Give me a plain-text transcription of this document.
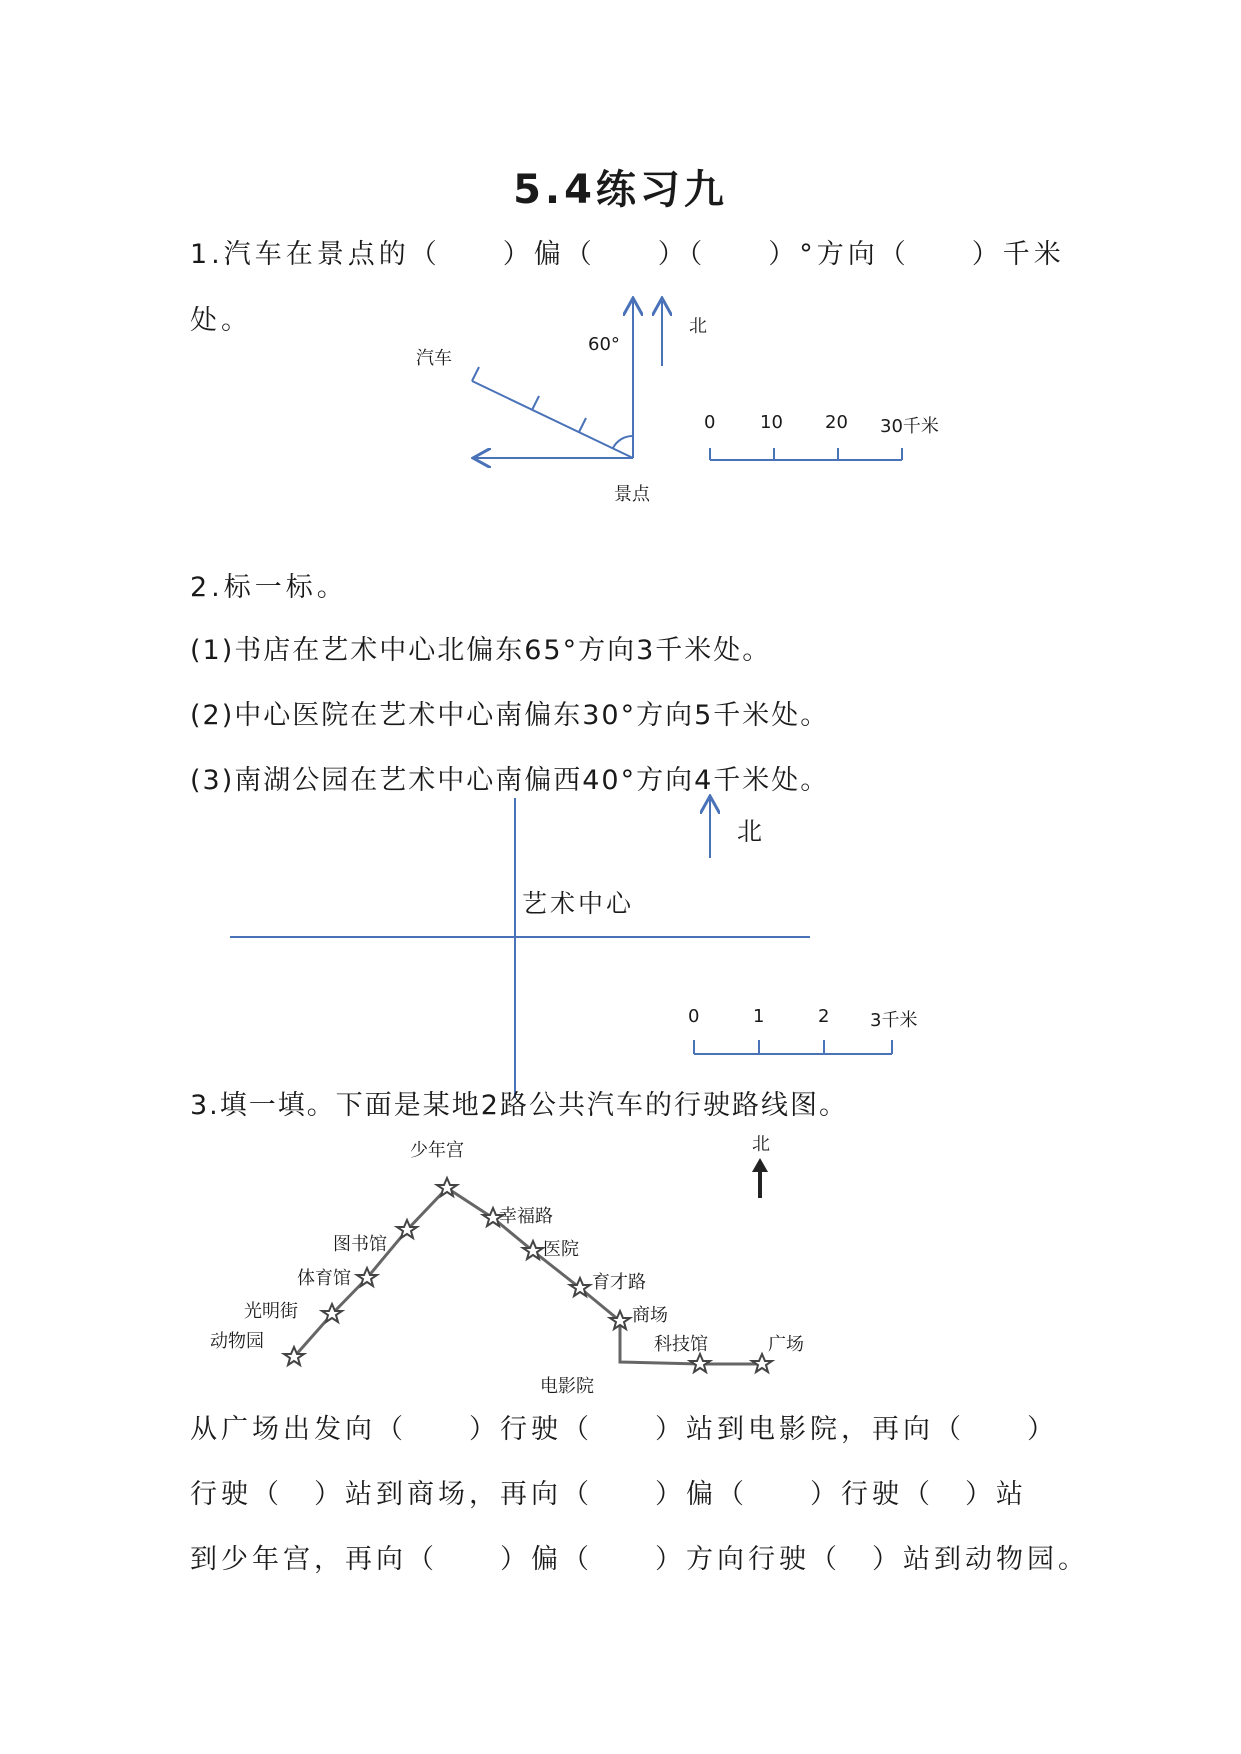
5.4练习九
1.汽车在景点的（　　）偏（　　）（　　）°方向（　　）千米
处。
汽车
60°
北
景点
0 10 20 30千米
2.标一标。
(1)书店在艺术中心北偏东65°方向3千米处。
(2)中心医院在艺术中心南偏东30°方向5千米处。
(3)南湖公园在艺术中心南偏西40°方向4千米处。
北
艺术中心
0	1	2 3千米
3.填一填。下面是某地2路公共汽车的行驶路线图。
少年宫
图书馆
体育馆
光明街
动物园
幸福路
医院
育才路
商场
电影院
科技馆	广场
北
从广场出发向（　　）行驶（　　）站到电影院，再向（　　）
行驶（　）站到商场，再向（　　）偏（　　）行驶（　）站
到少年宫，再向（　　）偏（　　）方向行驶（　）站到动物园。
